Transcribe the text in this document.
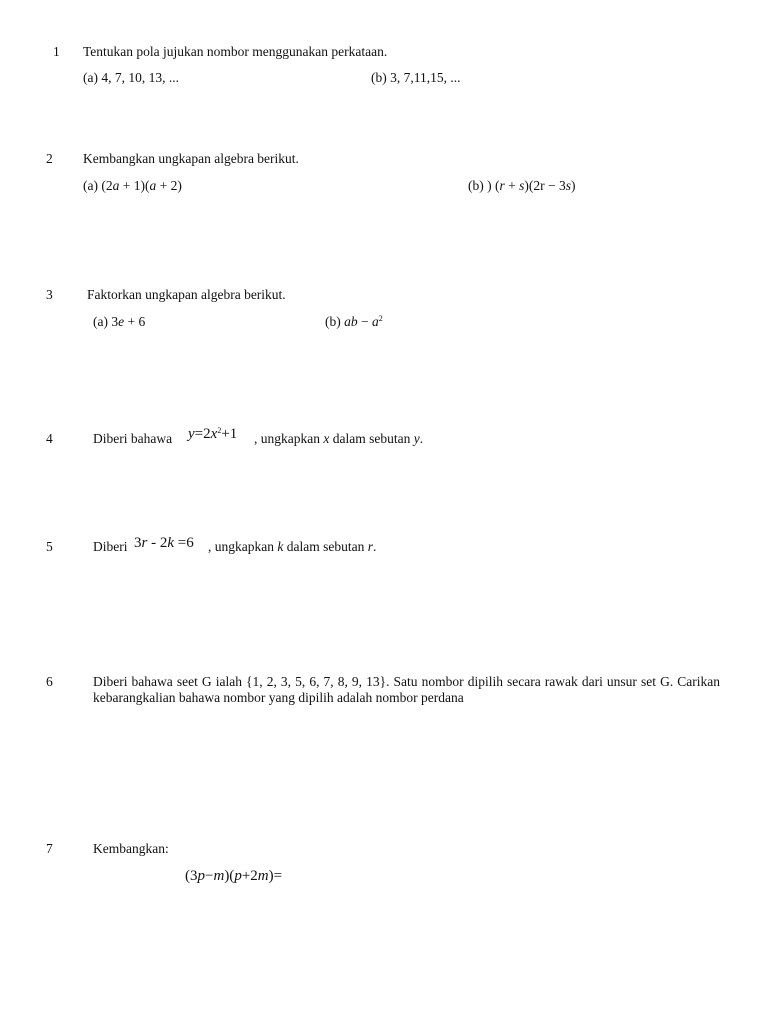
1 Tentukan pola jujukan nombor menggunakan perkataan.
(a) 4, 7, 10, 13, ...	(b) 3, 7,11,15, ...
2 Kembangkan ungkapan algebra berikut.
(a) (2a + 1)(a + 2)	(b) ) (r + s)(2r − 3s)
3	Faktorkan ungkapan algebra berikut.
(a) 3e + 6	(b) ab − $a^2$
4	Diberi bahawa $y=2x^2+1$ , ungkapkan x dalam sebutan y.
5	Diberi 3r - 2k =6 , ungkapkan k dalam sebutan r.
6	Diberi bahawa seet G ialah {1, 2, 3, 5, 6, 7, 8, 9, 13}. Satu nombor dipilih secara rawak dari unsur set G. Carikan kebarangkalian bahawa nombor yang dipilih adalah nombor perdana
7	Kembangkan:
(3p−m)(p+2m)=
